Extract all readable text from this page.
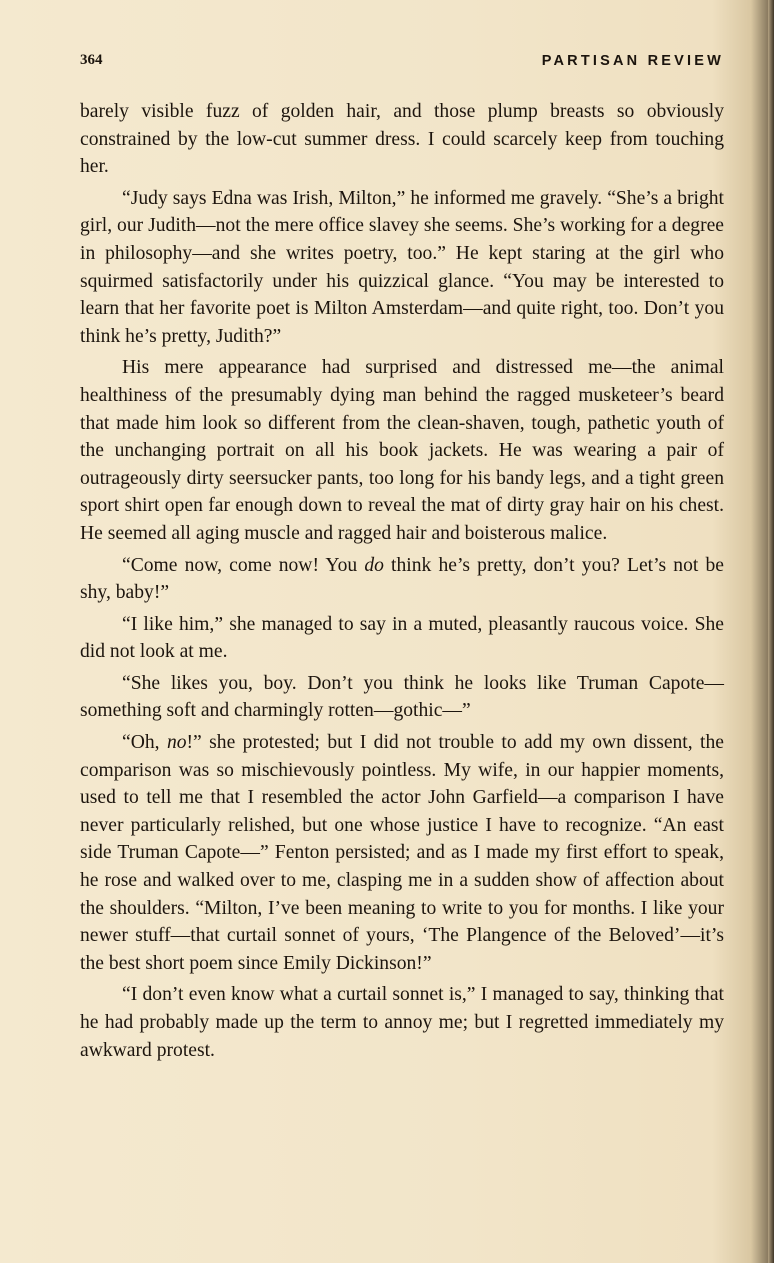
364	PARTISAN REVIEW

barely visible fuzz of golden hair, and those plump breasts so obviously constrained by the low-cut summer dress. I could scarcely keep from touching her.

“Judy says Edna was Irish, Milton,” he informed me gravely. “She’s a bright girl, our Judith—not the mere office slavey she seems. She’s working for a degree in philosophy—and she writes poetry, too.” He kept staring at the girl who squirmed satisfactorily under his quizzical glance. “You may be interested to learn that her favorite poet is Milton Amsterdam—and quite right, too. Don’t you think he’s pretty, Judith?”

His mere appearance had surprised and distressed me—the animal healthiness of the presumably dying man behind the ragged musketeer’s beard that made him look so different from the clean-shaven, tough, pathetic youth of the unchanging portrait on all his book jackets. He was wearing a pair of outrageously dirty seersucker pants, too long for his bandy legs, and a tight green sport shirt open far enough down to reveal the mat of dirty gray hair on his chest. He seemed all aging muscle and ragged hair and boisterous malice.

“Come now, come now! You do think he’s pretty, don’t you? Let’s not be shy, baby!”

“I like him,” she managed to say in a muted, pleasantly raucous voice. She did not look at me.

“She likes you, boy. Don’t you think he looks like Truman Capote—something soft and charmingly rotten—gothic—”

“Oh, no!” she protested; but I did not trouble to add my own dissent, the comparison was so mischievously pointless. My wife, in our happier moments, used to tell me that I resembled the actor John Garfield—a comparison I have never particularly relished, but one whose justice I have to recognize. “An east side Truman Capote—” Fenton persisted; and as I made my first effort to speak, he rose and walked over to me, clasping me in a sudden show of affection about the shoulders. “Milton, I’ve been meaning to write to you for months. I like your newer stuff—that curtail sonnet of yours, ‘The Plangence of the Beloved’—it’s the best short poem since Emily Dickinson!”

“I don’t even know what a curtail sonnet is,” I managed to say, thinking that he had probably made up the term to annoy me; but I regretted immediately my awkward protest.
